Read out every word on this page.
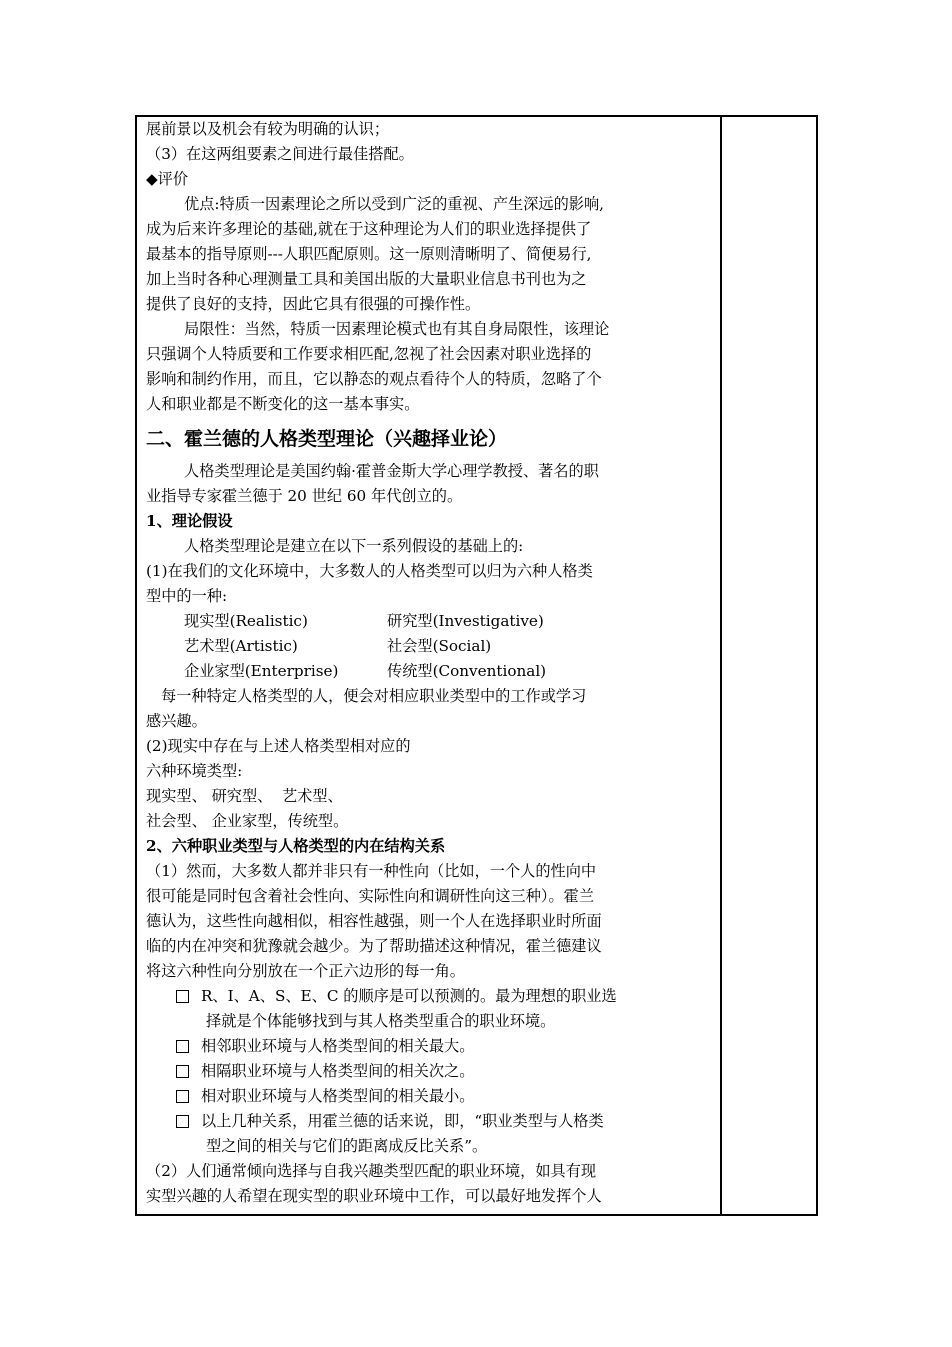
展前景以及机会有较为明确的认识；
（3）在这两组要素之间进行最佳搭配。
◆评价
优点:特质一因素理论之所以受到广泛的重视、产生深远的影响,
成为后来许多理论的基础,就在于这种理论为人们的职业选择提供了
最基本的指导原则---人职匹配原则。这一原则清晰明了、简便易行,
加上当时各种心理测量工具和美国出版的大量职业信息书刊也为之
提供了良好的支持，因此它具有很强的可操作性。
局限性：当然，特质一因素理论模式也有其自身局限性，该理论
只强调个人特质要和工作要求相匹配,忽视了社会因素对职业选择的
影响和制约作用，而且，它以静态的观点看待个人的特质，忽略了个
人和职业都是不断变化的这一基本事实。
二、霍兰德的人格类型理论（兴趣择业论）
人格类型理论是美国约翰·霍普金斯大学心理学教授、著名的职
业指导专家霍兰德于 20 世纪 60 年代创立的。
1、理论假设
人格类型理论是建立在以下一系列假设的基础上的:
(1)在我们的文化环境中，大多数人的人格类型可以归为六种人格类
型中的一种:
现实型(Realistic)	研究型(Investigative)
艺术型(Artistic)	社会型(Social)
企业家型(Enterprise)	传统型(Conventional)
每一种特定人格类型的人，便会对相应职业类型中的工作或学习
感兴趣。
(2)现实中存在与上述人格类型相对应的
六种环境类型:
现实型、 研究型、  艺术型、
社会型、 企业家型，传统型。
2、六种职业类型与人格类型的内在结构关系
（1）然而，大多数人都并非只有一种性向（比如，一个人的性向中
很可能是同时包含着社会性向、实际性向和调研性向这三种）。霍兰
德认为，这些性向越相似，相容性越强，则一个人在选择职业时所面
临的内在冲突和犹豫就会越少。为了帮助描述这种情况，霍兰德建议
将这六种性向分别放在一个正六边形的每一角。
R、I、A、S、E、C 的顺序是可以预测的。最为理想的职业选
择就是个体能够找到与其人格类型重合的职业环境。
相邻职业环境与人格类型间的相关最大。
相隔职业环境与人格类型间的相关次之。
相对职业环境与人格类型间的相关最小。
以上几种关系，用霍兰德的话来说，即，“职业类型与人格类
型之间的相关与它们的距离成反比关系”。
（2）人们通常倾向选择与自我兴趣类型匹配的职业环境，如具有现
实型兴趣的人希望在现实型的职业环境中工作，可以最好地发挥个人
